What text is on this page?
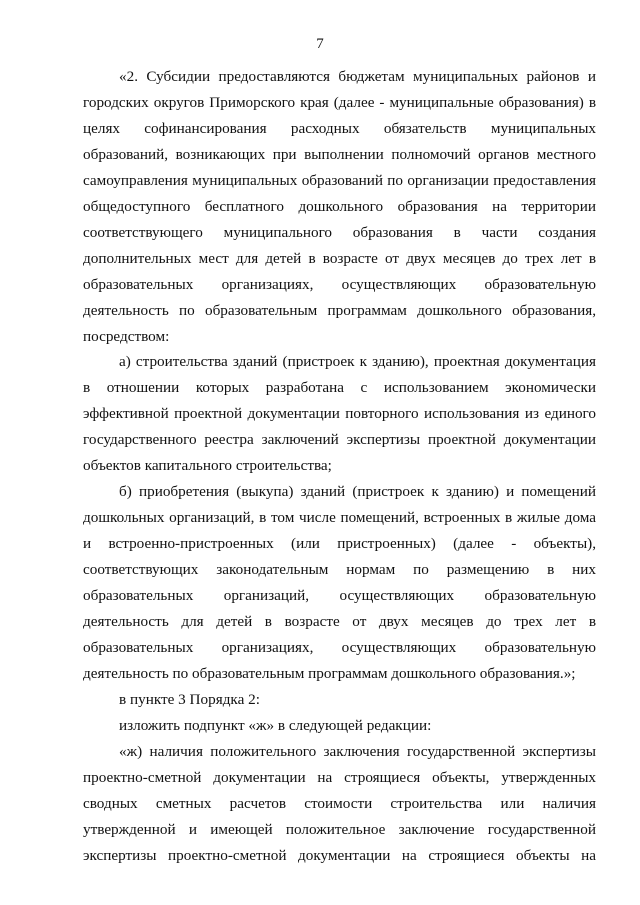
7

«2. Субсидии предоставляются бюджетам муниципальных районов и городских округов Приморского края (далее - муниципальные образования) в целях софинансирования расходных обязательств муниципальных образований, возникающих при выполнении полномочий органов местного самоуправления муниципальных образований по организации предоставления общедоступного бесплатного дошкольного образования на территории соответствующего муниципального образования в части создания дополнительных мест для детей в возрасте от двух месяцев до трех лет в образовательных организациях, осуществляющих образовательную деятельность по образовательным программам дошкольного образования, посредством:

а) строительства зданий (пристроек к зданию), проектная документация в отношении которых разработана с использованием экономически эффективной проектной документации повторного использования из единого государственного реестра заключений экспертизы проектной документации объектов капитального строительства;

б) приобретения (выкупа) зданий (пристроек к зданию) и помещений дошкольных организаций, в том числе помещений, встроенных в жилые дома и встроенно-пристроенных (или пристроенных) (далее - объекты), соответствующих законодательным нормам по размещению в них образовательных организаций, осуществляющих образовательную деятельность для детей в возрасте от двух месяцев до трех лет в образовательных организациях, осуществляющих образовательную деятельность по образовательным программам дошкольного образования.»;

в пункте 3 Порядка 2:

изложить подпункт «ж» в следующей редакции:

«ж) наличия положительного заключения государственной экспертизы проектно-сметной документации на строящиеся объекты, утвержденных сводных сметных расчетов стоимости строительства или наличия утвержденной и имеющей положительное заключение государственной экспертизы проектно-сметной документации на строящиеся объекты на
